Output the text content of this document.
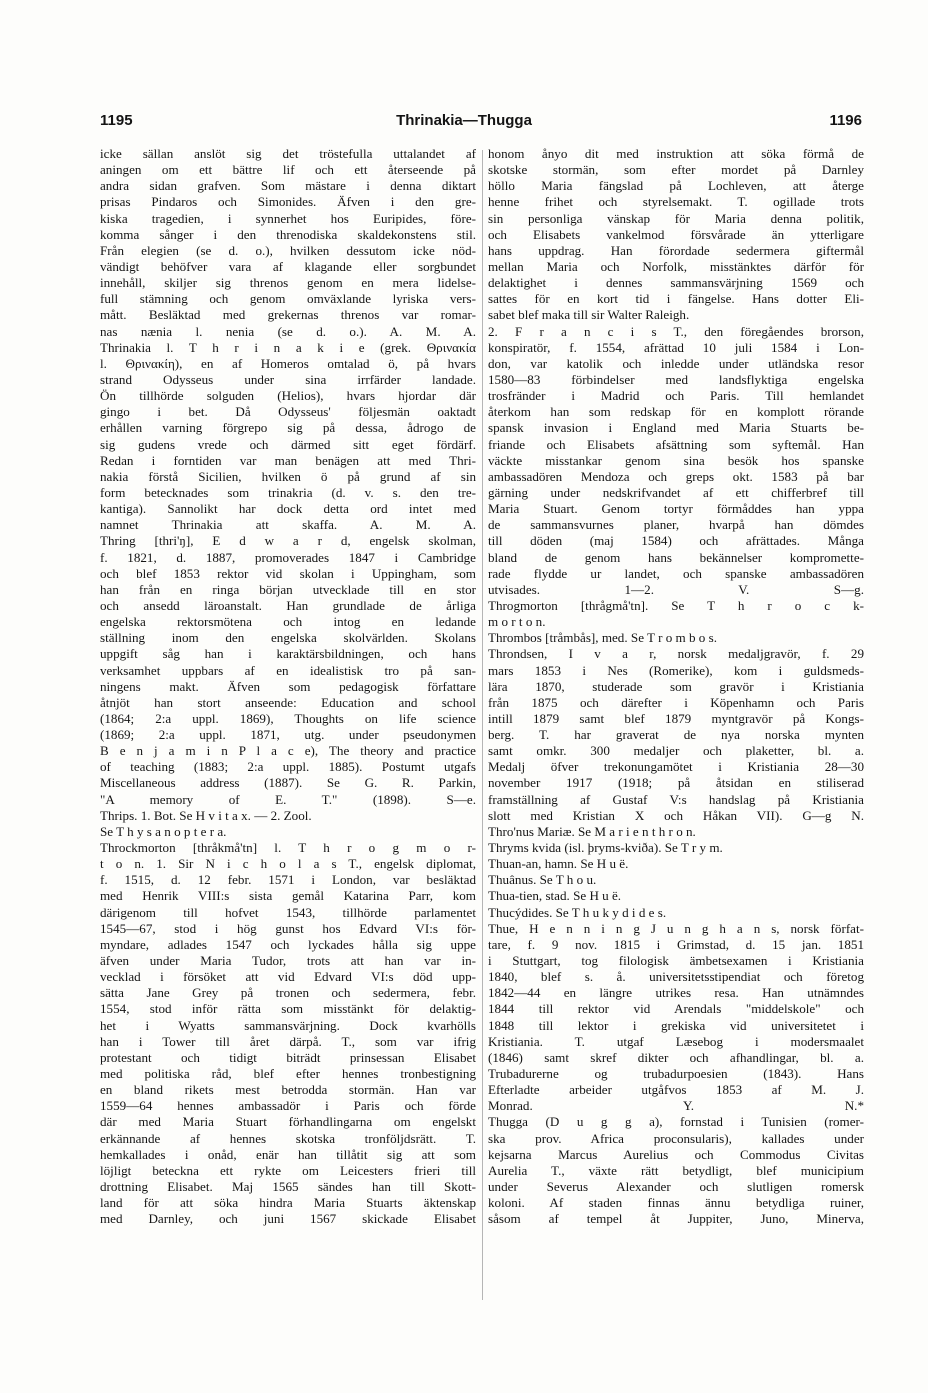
1195	Thrinakia—Thugga	1196
icke sällan anslöt sig det tröstefulla uttalandet af
aningen om ett bättre lif och ett återseende på
andra sidan grafven. Som mästare i denna diktart
prisas Pindaros och Simonides. Äfven i den gre-
kiska tragedien, i synnerhet hos Euripides, före-
komma sånger i den threnodiska skaldekonstens stil.
Från elegien (se d. o.), hvilken dessutom icke nöd-
vändigt behöfver vara af klagande eller sorgbundet
innehåll, skiljer sig threnos genom en mera lidelse-
full stämning och genom omväxlande lyriska vers-
mått. Besläktad med grekernas threnos var romar-
nas nænia l. nenia (se d. o.). A. M. A.
Thrinakia l. T h r i n a k i e (grek. Θρινακία
l. Θρινακίη), en af Homeros omtalad ö, på hvars
strand Odysseus under sina irrfärder landade.
Ön tillhörde solguden (Helios), hvars hjordar där
gingo i bet. Då Odysseus' följesmän oaktadt
erhållen varning förgrepo sig på dessa, ådrogo de
sig gudens vrede och därmed sitt eget fördärf.
Redan i forntiden var man benägen att med Thri-
nakia förstå Sicilien, hvilken ö på grund af sin
form betecknades som trinakria (d. v. s. den tre-
kantiga). Sannolikt har dock detta ord intet med
namnet Thrinakia att skaffa. A. M. A.
Thring [thri'ŋ], E d w a r d, engelsk skolman,
f. 1821, d. 1887, promoverades 1847 i Cambridge
och blef 1853 rektor vid skolan i Uppingham, som
han från en ringa början utvecklade till en stor
och ansedd läroanstalt. Han grundlade de årliga
engelska rektorsmötena och intog en ledande
ställning inom den engelska skolvärlden. Skolans
uppgift såg han i karaktärsbildningen, och hans
verksamhet uppbars af en idealistisk tro på san-
ningens makt. Äfven som pedagogisk författare
åtnjöt han stort anseende: Education and school
(1864; 2:a uppl. 1869), Thoughts on life science
(1869; 2:a uppl. 1871, utg. under pseudonymen
B e n j a m i n P l a c e), The theory and practice
of teaching (1883; 2:a uppl. 1885). Postumt utgafs
Miscellaneous address (1887). Se G. R. Parkin,
"A memory of E. T." (1898). S—e.
Thrips. 1. Bot. Se H v i t a x. — 2. Zool.
Se T h y s a n o p t e r a.
Throckmorton [thråkmå'tn] l. T h r o g m o r-
t o n. 1. Sir N i c h o l a s T., engelsk diplomat,
f. 1515, d. 12 febr. 1571 i London, var besläktad
med Henrik VIII:s sista gemål Katarina Parr, kom
därigenom till hofvet 1543, tillhörde parlamentet
1545—67, stod i hög gunst hos Edvard VI:s för-
myndare, adlades 1547 och lyckades hålla sig uppe
äfven under Maria Tudor, trots att han var in-
vecklad i försöket att vid Edvard VI:s död upp-
sätta Jane Grey på tronen och sedermera, febr.
1554, stod inför rätta som misstänkt för delaktig-
het i Wyatts sammansvärjning. Dock kvarhölls
han i Tower till året därpå. T., som var ifrig
protestant och tidigt biträdt prinsessan Elisabet
med politiska råd, blef efter hennes tronbestigning
en bland rikets mest betrodda stormän. Han var
1559—64 hennes ambassadör i Paris och förde
där med Maria Stuart förhandlingarna om engelskt
erkännande af hennes skotska tronföljdsrätt. T.
hemkallades i onåd, enär han tillåtit sig att som
löjligt beteckna ett rykte om Leicesters frieri till
drottning Elisabet. Maj 1565 sändes han till Skott-
land för att söka hindra Maria Stuarts äktenskap
med Darnley, och juni 1567 skickade Elisabet
honom ånyo dit med instruktion att söka förmå de
skotske stormän, som efter mordet på Darnley
höllo Maria fängslad på Lochleven, att återge
henne frihet och styrelsemakt. T. ogillade trots
sin personliga vänskap för Maria denna politik,
och Elisabets vankelmod försvårade än ytterligare
hans uppdrag. Han förordade sedermera giftermål
mellan Maria och Norfolk, misstänktes därför för
delaktighet i dennes sammansvärjning 1569 och
sattes för en kort tid i fängelse. Hans dotter Eli-
sabet blef maka till sir Walter Raleigh.
2. F r a n c i s T., den föregåendes brorson,
konspiratör, f. 1554, afrättad 10 juli 1584 i Lon-
don, var katolik och inledde under utländska resor
1580—83 förbindelser med landsflyktiga engelska
trosfränder i Madrid och Paris. Till hemlandet
återkom han som redskap för en komplott rörande
spansk invasion i England med Maria Stuarts be-
friande och Elisabets afsättning som syftemål. Han
väckte misstankar genom sina besök hos spanske
ambassadören Mendoza och greps okt. 1583 på bar
gärning under nedskrifvandet af ett chifferbref till
Maria Stuart. Genom tortyr förmåddes han yppa
de sammansvurnes planer, hvarpå han dömdes
till döden (maj 1584) och afrättades. Många
bland de genom hans bekännelser kompromette-
rade flydde ur landet, och spanske ambassadören
utvisades. 1—2. V. S—g.
Throgmorton [thrågmå'tn]. Se T h r o c k-
m o r t o n.
Thrombos [tråmbås], med. Se T r o m b o s.
Throndsen, I v a r, norsk medaljgravör, f. 29
mars 1853 i Nes (Romerike), kom i guldsmeds-
lära 1870, studerade som gravör i Kristiania
från 1875 och därefter i Köpenhamn och Paris
intill 1879 samt blef 1879 myntgravör på Kongs-
berg. T. har graverat de nya norska mynten
samt omkr. 300 medaljer och plaketter, bl. a.
Medalj öfver trekonungamötet i Kristiania 28—30
november 1917 (1918; på åtsidan en stiliserad
framställning af Gustaf V:s handslag på Kristiania
slott med Kristian X och Håkan VII). G—g N.
Thro'nus Mariæ. Se M a r i e n t h r o n.
Thryms kvida (isl. þryms-kviða). Se T r y m.
Thuan-an, hamn. Se H u ë.
Thuânus. Se T h o u.
Thua-tien, stad. Se H u ë.
Thucýdides. Se T h u k y d i d e s.
Thue, H e n n i n g J u n g h a n s, norsk förfat-
tare, f. 9 nov. 1815 i Grimstad, d. 15 jan. 1851
i Stuttgart, tog filologisk ämbetsexamen i Kristiania
1840, blef s. å. universitetsstipendiat och företog
1842—44 en längre utrikes resa. Han utnämndes
1844 till rektor vid Arendals "middelskole" och
1848 till lektor i grekiska vid universitetet i
Kristiania. T. utgaf Læsebog i modersmaalet
(1846) samt skref dikter och afhandlingar, bl. a.
Trubadurerne og trubadurpoesien (1843). Hans
Efterladte arbeider utgåfvos 1853 af M. J.
Monrad. Y. N.*
Thugga (D u g g a), fornstad i Tunisien (romer-
ska prov. Africa proconsularis), kallades under
kejsarna Marcus Aurelius och Commodus Civitas
Aurelia T., växte rätt betydligt, blef municipium
under Severus Alexander och slutligen romersk
koloni. Af staden finnas ännu betydliga ruiner,
såsom af tempel åt Juppiter, Juno, Minerva,
